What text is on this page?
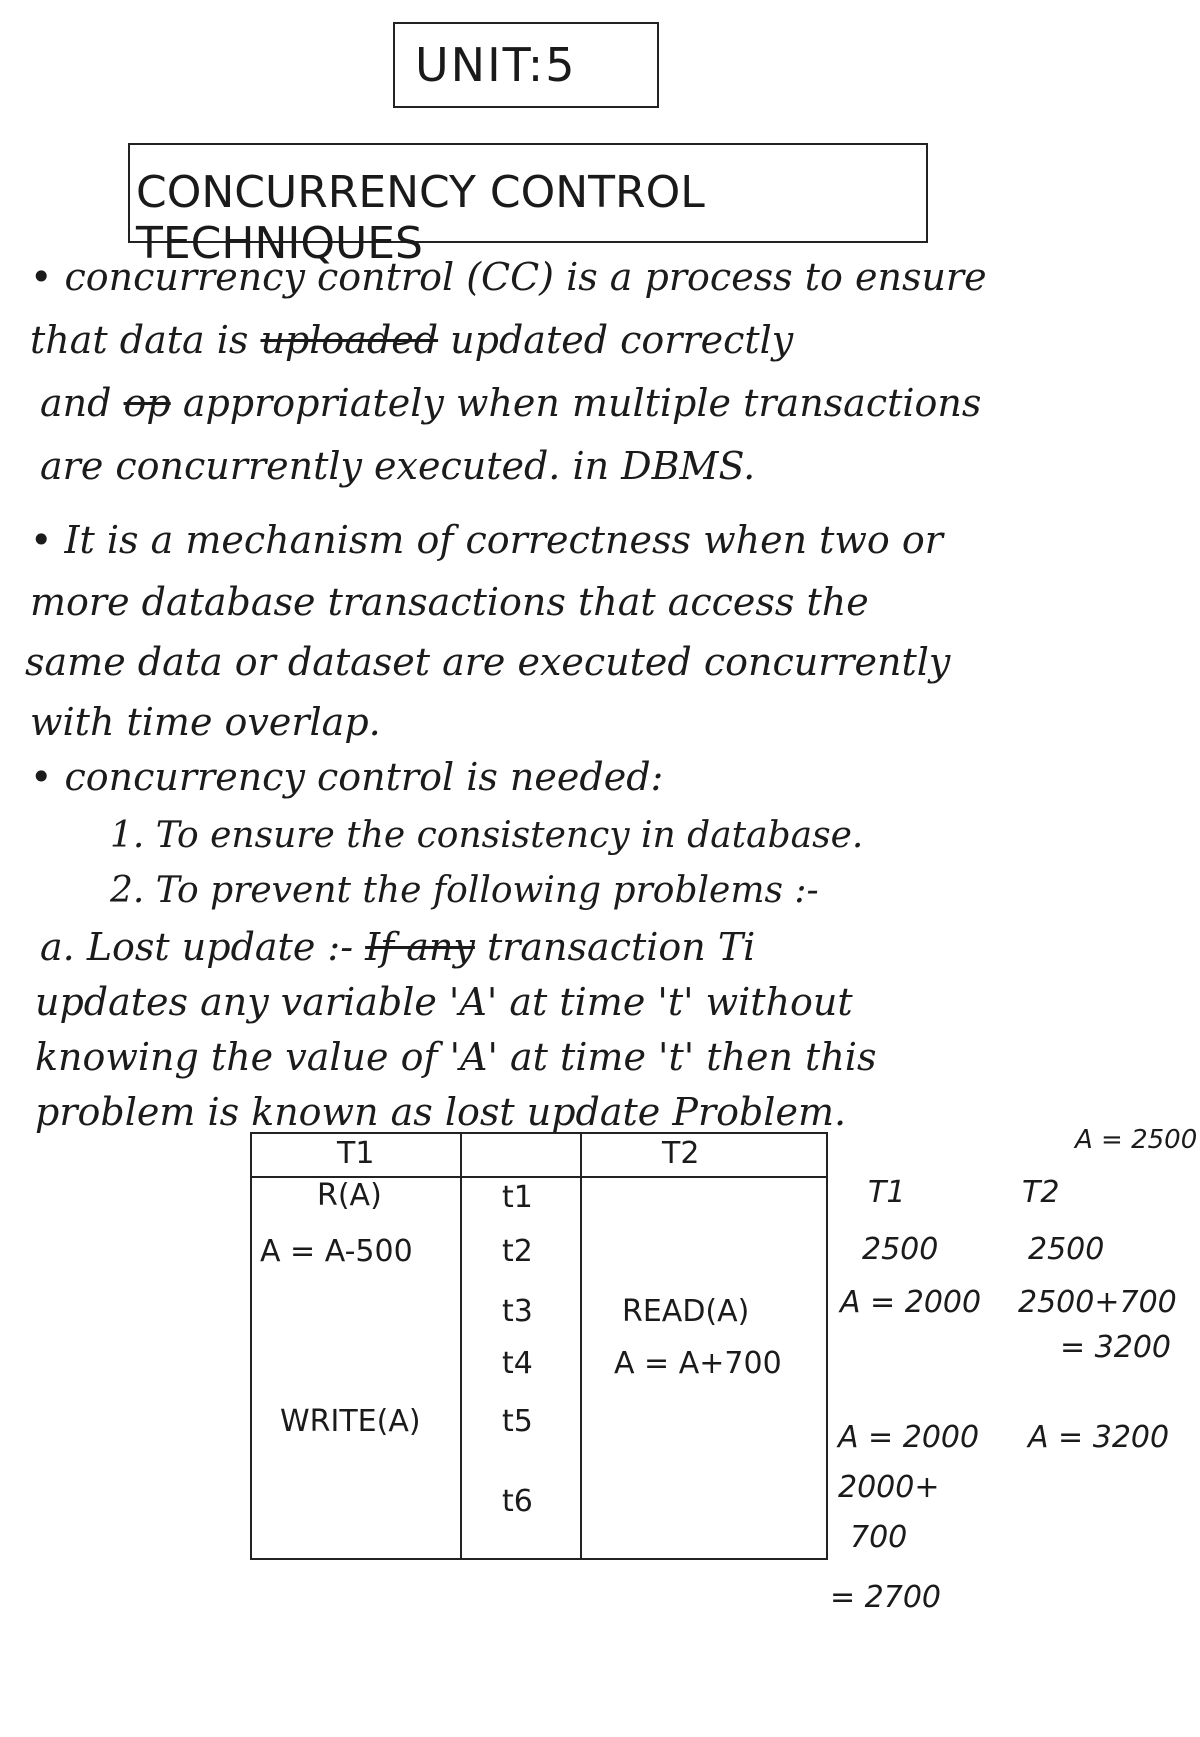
UNIT:5
CONCURRENCY CONTROL TECHNIQUES
• concurrency control (CC) is a process to ensure
that data is uploaded updated correctly
and op appropriately when multiple transactions
are concurrently executed. in DBMS.
• It is a mechanism of correctness when two or
more database transactions that access the
same data or dataset are executed concurrently
with time overlap.
• concurrency control is needed:
1. To ensure the consistency in database.
2. To prevent the following problems :-
a. Lost update :- If any transaction Ti
updates any variable 'A' at time 't' without
knowing the value of 'A' at time 't' then this
problem is known as lost update Problem.
T1	T2
R(A)	t1
A = A-500	t2
t3	READ(A)
t4	A = A+700
WRITE(A)	t5
t6
A = 2500
T1	T2
2500	2500
A = 2000 2500+700
= 3200
A = 2000 A = 3200
2000+
700
= 2700
